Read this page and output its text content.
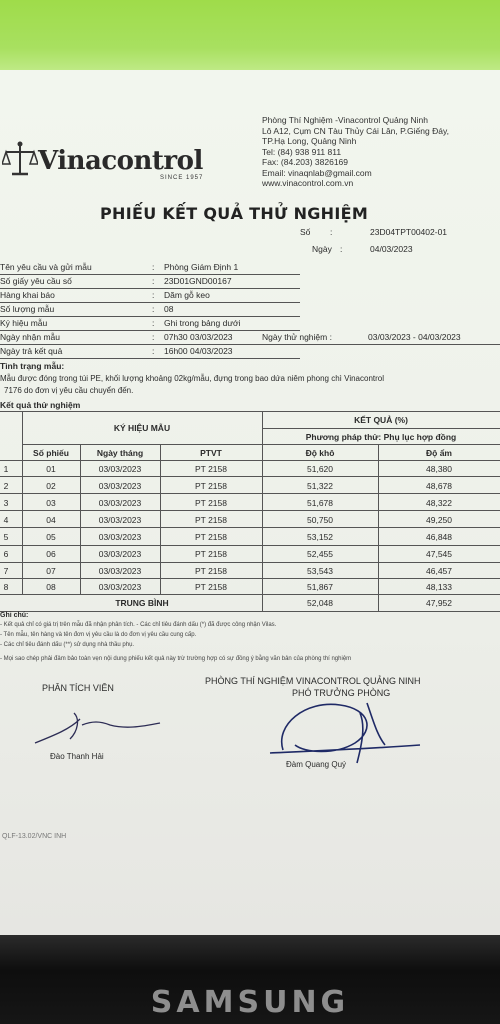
Vinacontrol
SINCE 1957
Phòng Thí Nghiệm -Vinacontrol Quảng Ninh
Lô A12, Cụm CN Tàu Thủy Cái Lân, P.Giếng Đáy,
TP.Hạ Long, Quảng Ninh
Tel: (84) 938 911 811
Fax: (84.203) 3826169
Email: vinaqnlab@gmail.com
www.vinacontrol.com.vn
PHIẾU KẾT QUẢ THỬ NGHIỆM
Số :	23D04TPT00402-01
Ngày :	04/03/2023
Tên yêu cầu và gửi mẫu	: Phòng Giám Định 1
Số giấy yêu cầu số	: 23D01GND00167
Hàng khai báo	: Dăm gỗ keo
Số lượng mẫu	: 08
Ký hiệu mẫu	: Ghi trong bảng dưới
Ngày nhận mẫu	: 07h30 03/03/2023	Ngày thử nghiệm :	03/03/2023 - 04/03/2023
Ngày trả kết quả	: 16h00 04/03/2023
Tình trạng mẫu:
Mẫu được đóng trong túi PE, khối lượng khoảng 02kg/mẫu, đựng trong bao dứa niêm phong chì Vinacontrol
7176 do đơn vị yêu cầu chuyển đến.
Kết quả thử nghiệm
KÝ HIỆU MẪU
KẾT QUẢ (%)
Phương pháp thử: Phụ lục hợp đồng
Số phiếu	Ngày tháng	PTVT	Độ khô	Độ ẩm
1	01	03/03/2023	PT 2158	51,620	48,380
2	02	03/03/2023	PT 2158	51,322	48,678
3	03	03/03/2023	PT 2158	51,678	48,322
4	04	03/03/2023	PT 2158	50,750	49,250
5	05	03/03/2023	PT 2158	53,152	46,848
6	06	03/03/2023	PT 2158	52,455	47,545
7	07	03/03/2023	PT 2158	53,543	46,457
8	08	03/03/2023	PT 2158	51,867	48,133
TRUNG BÌNH	52,048	47,952
Ghi chú:
- Kết quả chỉ có giá trị trên mẫu đã nhận phân tích. - Các chỉ tiêu đánh dấu (*) đã được công nhận Vilas.
- Tên mẫu, tên hàng và tên đơn vị yêu cầu là do đơn vị yêu cầu cung cấp.
- Các chỉ tiêu đánh dấu (**) sử dụng nhà thầu phụ.
- Mọi sao chép phải đảm bảo toàn vẹn nội dung phiếu kết quả này trừ trường hợp có sự đồng ý bằng văn bản của phòng thí nghiệm
PHÒNG THÍ NGHIỆM VINACONTROL QUẢNG NINH
PHÂN TÍCH VIÊN	PHÓ TRƯỞNG PHÒNG
Đào Thanh Hải
Đàm Quang Quý
QLF-13.02/VNC INH
SAMSUNG
